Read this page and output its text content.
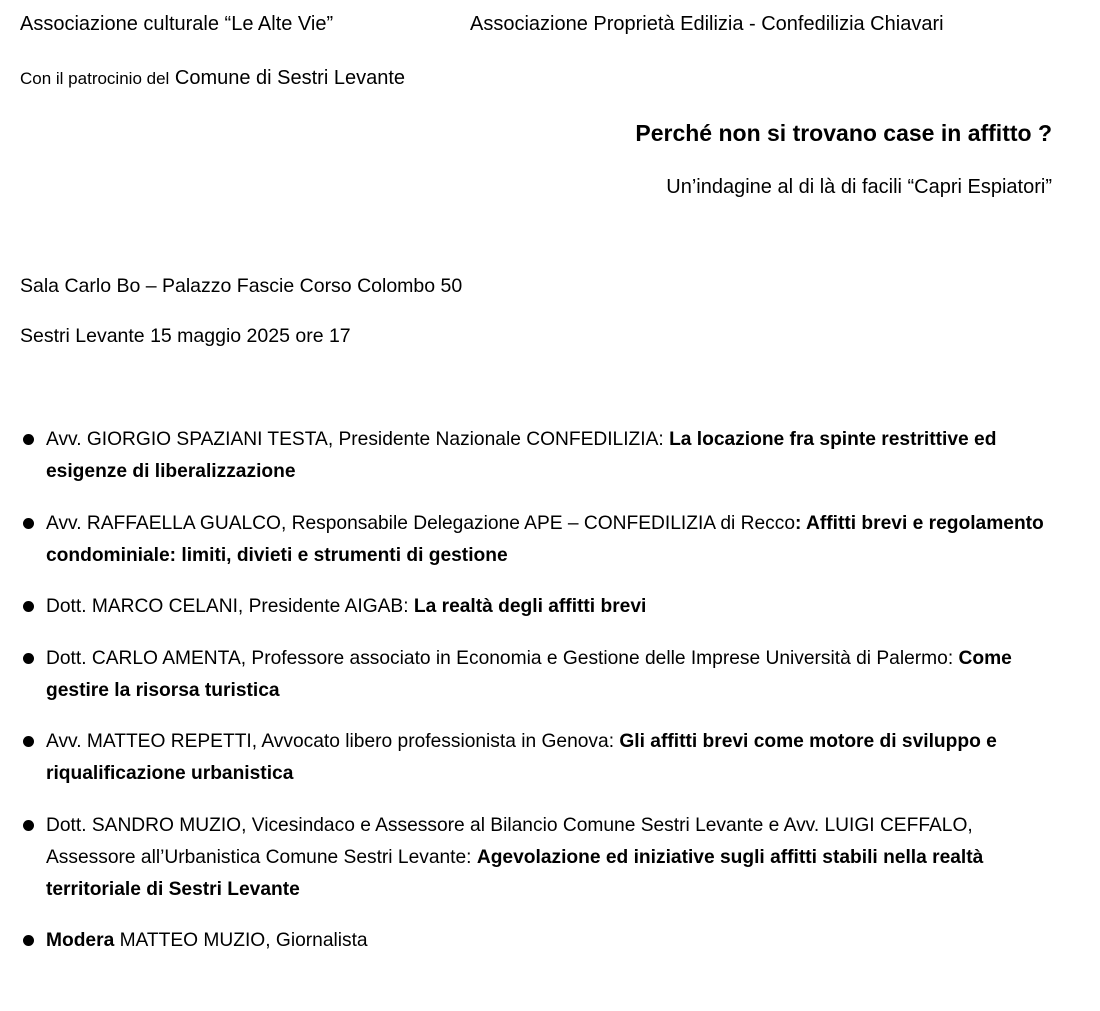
Associazione culturale “Le Alte Vie”	Associazione Proprietà Edilizia - Confedilizia Chiavari
Con il patrocinio del Comune di Sestri Levante
Perché non si trovano case in affitto ?
Un’indagine al di là di facili “Capri Espiatori”
Sala Carlo Bo – Palazzo Fascie Corso Colombo 50
Sestri Levante 15 maggio 2025 ore 17
Avv. GIORGIO SPAZIANI TESTA, Presidente Nazionale CONFEDILIZIA: La locazione fra spinte restrittive ed esigenze di liberalizzazione
Avv. RAFFAELLA GUALCO, Responsabile Delegazione APE – CONFEDILIZIA di Recco: Affitti brevi e regolamento condominiale: limiti, divieti e strumenti di gestione
Dott. MARCO CELANI, Presidente AIGAB: La realtà degli affitti brevi
Dott. CARLO AMENTA, Professore associato in Economia e Gestione delle Imprese Università di Palermo: Come gestire la risorsa turistica
Avv. MATTEO REPETTI, Avvocato libero professionista in Genova: Gli affitti brevi come motore di sviluppo e riqualificazione urbanistica
Dott. SANDRO MUZIO, Vicesindaco e Assessore al Bilancio Comune Sestri Levante e Avv. LUIGI CEFFALO, Assessore all’Urbanistica Comune Sestri Levante: Agevolazione ed iniziative sugli affitti stabili nella realtà territoriale di Sestri Levante
Modera MATTEO MUZIO, Giornalista
